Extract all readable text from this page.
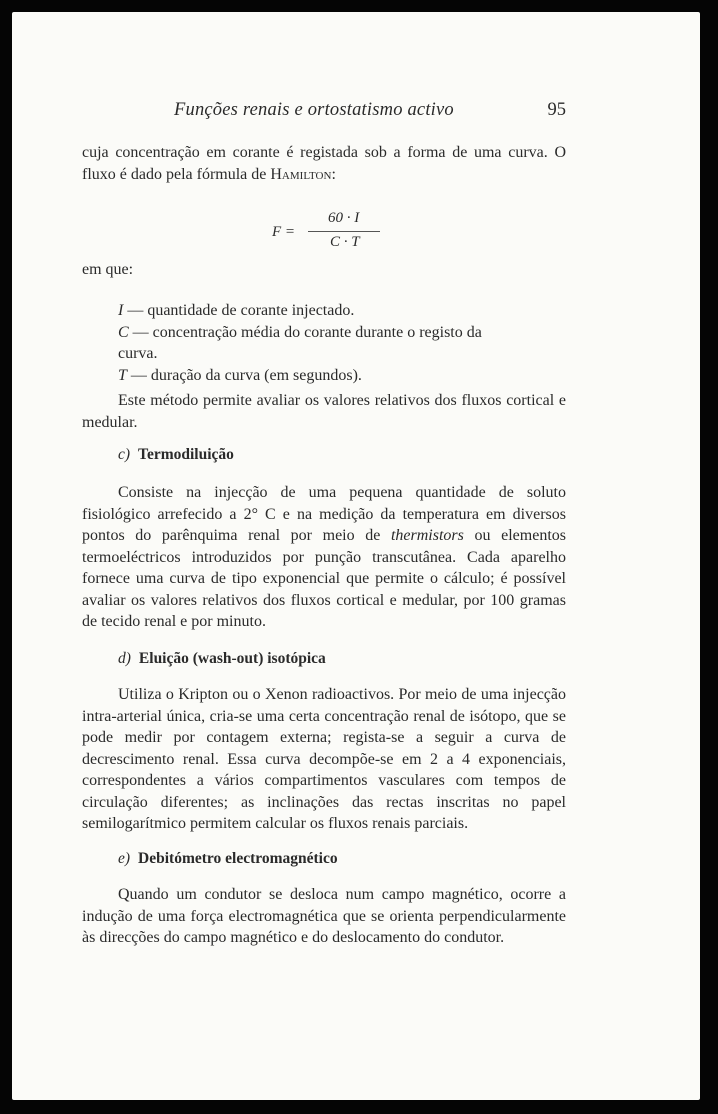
Funções renais e ortostatismo activo	95

cuja concentração em corante é registada sob a forma de uma curva. O fluxo é dado pela fórmula de Hamilton:

F =
60 · I
C · T

em que:

I — quantidade de corante injectado.

C — concentração média do corante durante o registo da

curva.

T — duração da curva (em segundos).

Este método permite avaliar os valores relativos dos fluxos cortical e medular.

c) Termodiluição

Consiste na injecção de uma pequena quantidade de soluto fisiológico arrefecido a 2° C e na medição da temperatura em diversos pontos do parênquima renal por meio de thermistors ou elementos termoeléctricos introduzidos por punção transcutânea. Cada aparelho fornece uma curva de tipo exponencial que permite o cálculo; é possível avaliar os valores relativos dos fluxos cortical e medular, por 100 gramas de tecido renal e por minuto.

d) Eluição (wash-out) isotópica

Utiliza o Kripton ou o Xenon radioactivos. Por meio de uma injecção intra-arterial única, cria-se uma certa concentração renal de isótopo, que se pode medir por contagem externa; regista-se a seguir a curva de decrescimento renal. Essa curva decompõe-se em 2 a 4 exponenciais, correspondentes a vários compartimentos vasculares com tempos de circulação diferentes; as inclinações das rectas inscritas no papel semilogarítmico permitem calcular os fluxos renais parciais.

e) Debitómetro electromagnético

Quando um condutor se desloca num campo magnético, ocorre a indução de uma força electromagnética que se orienta perpendicularmente às direcções do campo magnético e do deslocamento do condutor.
